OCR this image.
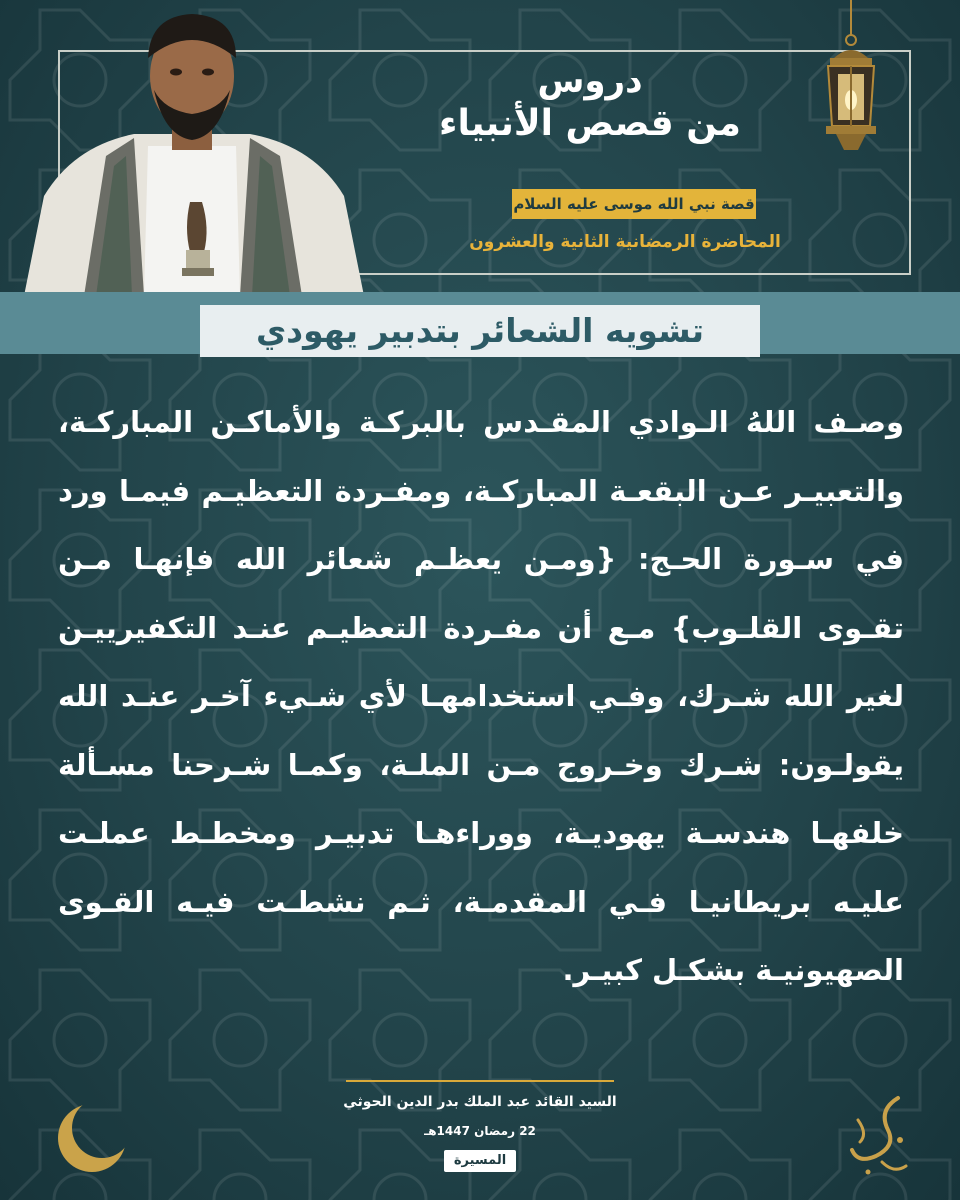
دروس
من قصص الأنبياء
قصة نبي الله موسى عليه السلام
المحاضرة الرمضانية الثانية والعشرون
تشويه الشعائر بتدبير يهودي
وصـف اللهُ الـوادي المقـدس بالبركـة والأماكـن المباركـة، والتعبيـر عـن البقعـة المباركـة، ومفـردة التعظيـم فيمـا ورد في سـورة الحـج: {ومـن يعظـم شعائر الله فإنهـا مـن تقـوى القلـوب} مـع أن مفـردة التعظيـم عنـد التكفيرييـن لغير الله شـرك، وفـي استخدامهـا لأي شـيء آخـر عنـد الله يقولـون: شـرك وخـروج مـن الملـة، وكمـا شـرحنا مسـألة خلفهـا هندسـة يهوديـة، ووراءهـا تدبيـر ومخطـط عملـت عليـه بريطانيـا فـي المقدمـة، ثـم نشطـت فيـه القـوى الصهيونيـة بشكـل كبيـر.
السيد القائد عبد الملك بدر الدين الحوثي
22 رمضان 1447هـ
المسيرة
